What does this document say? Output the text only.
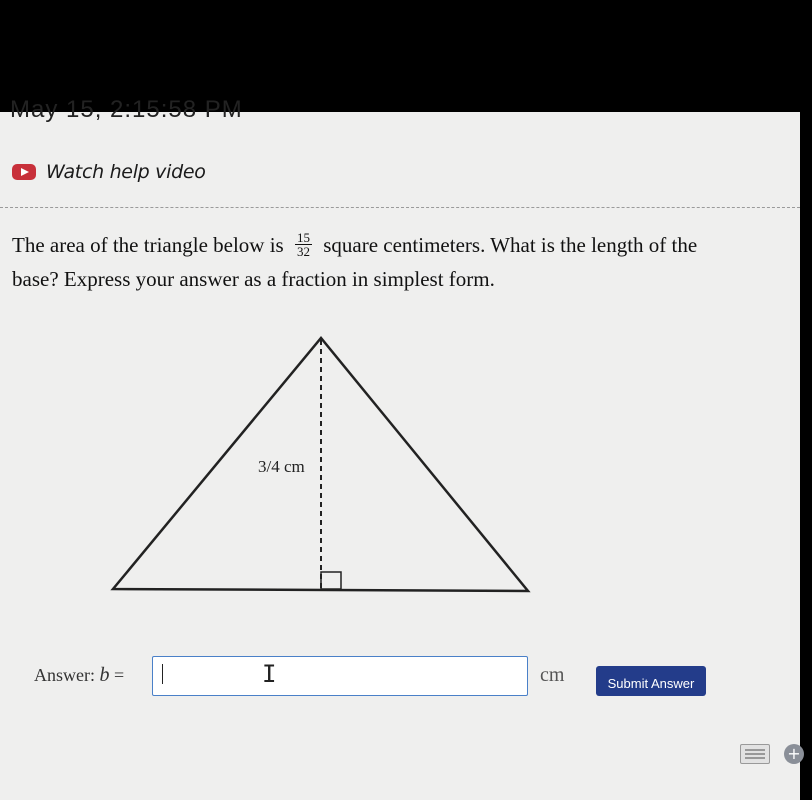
May 15, 2:15:58 PM
Watch help video
The area of the triangle below is $\frac{15}{32}$ square centimeters. What is the length of the
base? Express your answer as a fraction in simplest form.
3/4 cm
+
Answer: b =	I	cm	Submit Answer
